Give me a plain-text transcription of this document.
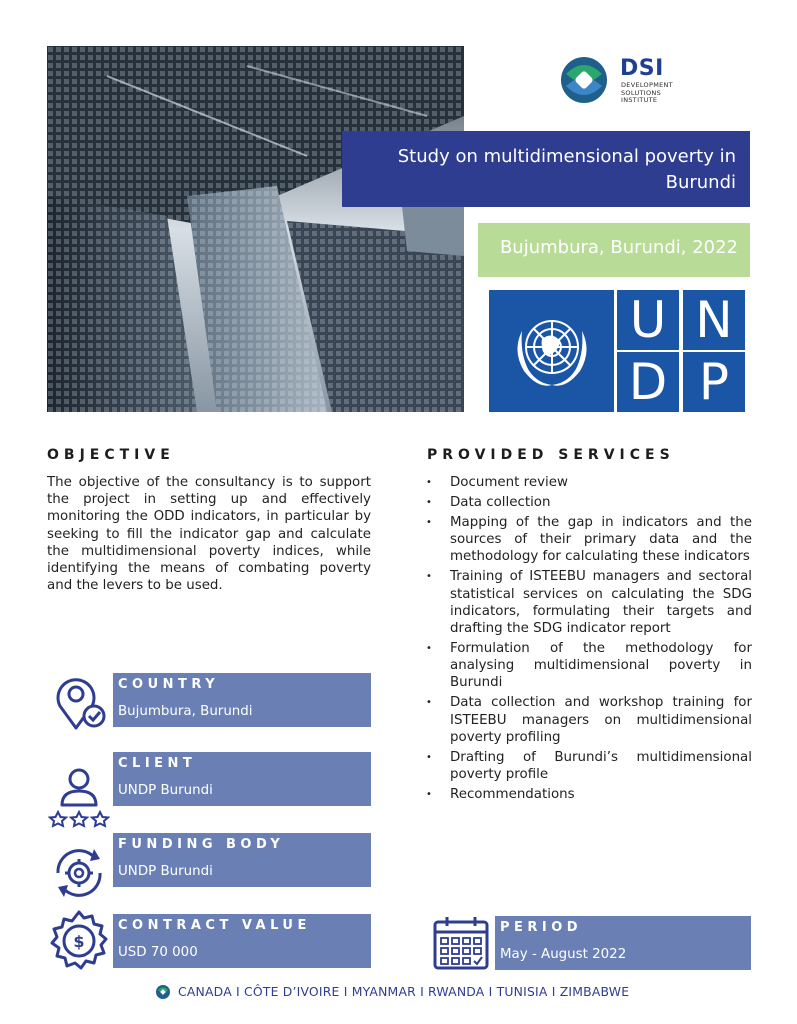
DSI
DEVELOPMENT
SOLUTIONS
INSTITUTE
Study on multidimensional poverty in Burundi
Bujumbura, Burundi, 2022
U N
D P
OBJECTIVE
The objective of the consultancy is to support the project in setting up and effectively monitoring the ODD indicators, in particular by seeking to fill the indicator gap and calculate the multidimensional poverty indices, while identifying the means of combating poverty and the levers to be used.
PROVIDED SERVICES
• Document review
• Data collection
• Mapping of the gap in indicators and the sources of their primary data and the methodology for calculating these indicators
• Training of ISTEEBU managers and sectoral statistical services on calculating the SDG indicators, formulating their targets and drafting the SDG indicator report
• Formulation of the methodology for analysing multidimensional poverty in Burundi
• Data collection and workshop training for ISTEEBU managers on multidimensional poverty profiling
• Drafting of Burundi’s multidimensional poverty profile
• Recommendations
COUNTRY
Bujumbura, Burundi
CLIENT
UNDP Burundi
FUNDING BODY
UNDP Burundi
$
CONTRACT VALUE
USD 70 000
PERIOD
May - August 2022
CANADA I CÔTE D’IVOIRE I MYANMAR I RWANDA I TUNISIA I ZIMBABWE
